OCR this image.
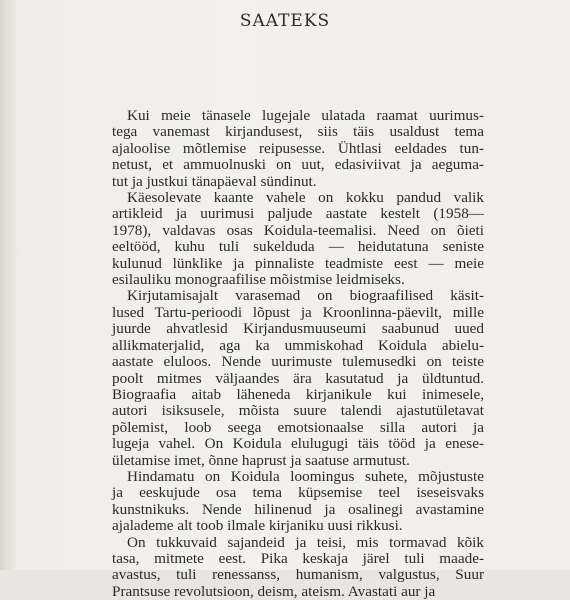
SAATEKS
Kui meie tänasele lugejale ulatada raamat uurimus-
tega vanemast kirjandusest, siis täis usaldust tema
ajaloolise mõtlemise reipusesse. Ühtlasi eeldades tun-
netust, et ammuolnuski on uut, edasiviivat ja aeguma-
tut ja justkui tänapäeval sündinut.
Käesolevate kaante vahele on kokku pandud valik
artikleid ja uurimusi paljude aastate kestelt (1958—
1978), valdavas osas Koidula-teemalisi. Need on õieti
eeltööd, kuhu tuli sukelduda — heidutatuna seniste
kulunud lünklike ja pinnaliste teadmiste eest — meie
esilauliku monograafilise mõistmise leidmiseks.
Kirjutamisajalt varasemad on biograafilised käsit-
lused Tartu-perioodi lõpust ja Kroonlinna-päevilt, mille
juurde ahvatlesid Kirjandusmuuseumi saabunud uued
allikmaterjalid, aga ka ummiskohad Koidula abielu-
aastate eluloos. Nende uurimuste tulemusedki on teiste
poolt mitmes väljaandes ära kasutatud ja üldtuntud.
Biograafia aitab läheneda kirjanikule kui inimesele,
autori isiksusele, mõista suure talendi ajastutületavat
põlemist, loob seega emotsionaalse silla autori ja
lugeja vahel. On Koidula elulugugi täis tööd ja enese-
ületamise imet, õnne haprust ja saatuse armutust.
Hindamatu on Koidula loomingus suhete, mõjustuste
ja eeskujude osa tema küpsemise teel iseseisvaks
kunstnikuks. Nende hilinenud ja osalinegi avastamine
ajalademe alt toob ilmale kirjaniku uusi rikkusi.
On tukkuvaid sajandeid ja teisi, mis tormavad kõik
tasa, mitmete eest. Pika keskaja järel tuli maade-
avastus, tuli renessanss, humanism, valgustus, Suur
Prantsuse revolutsioon, deism, ateism. Avastati aur ja
